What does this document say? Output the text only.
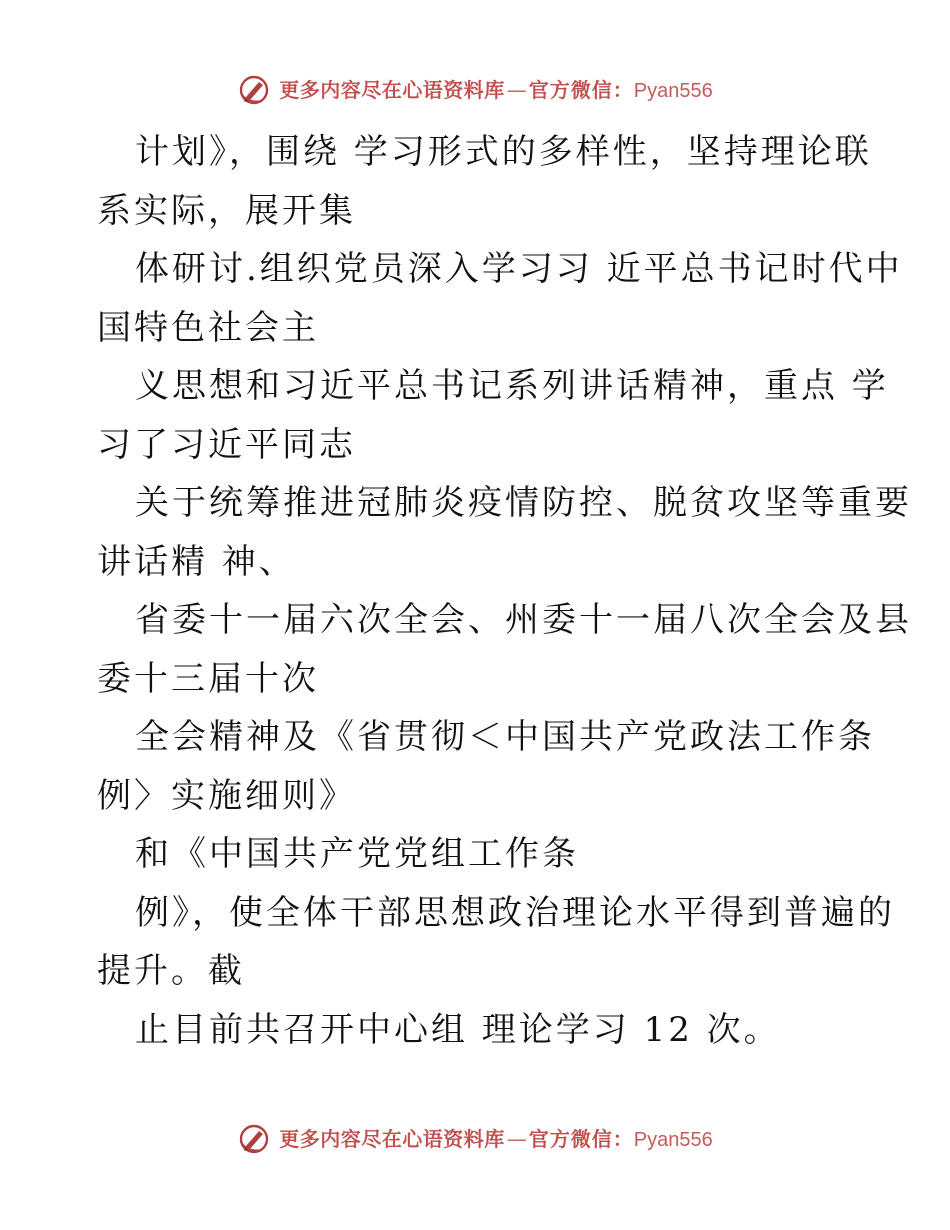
更多内容尽在心语资料库 — 官方微信： Pyan556

计划》，围绕 学习形式的多样性，坚持理论联

系实际，展开集

体研讨.组织党员深入学习习 近平总书记时代中

国特色社会主

义思想和习近平总书记系列讲话精神，重点 学

习了习近平同志

关于统筹推进冠肺炎疫情防控、脱贫攻坚等重要

讲话精 神、

省委十一届六次全会、州委十一届八次全会及县

委十三届十次

全会精神及《省贯彻＜中国共产党政法工作条

例〉实施细则》

和《中国共产党党组工作条

例》，使全体干部思想政治理论水平得到普遍的

提升。截

止目前共召开中心组 理论学习 12 次。

更多内容尽在心语资料库 — 官方微信： Pyan556
